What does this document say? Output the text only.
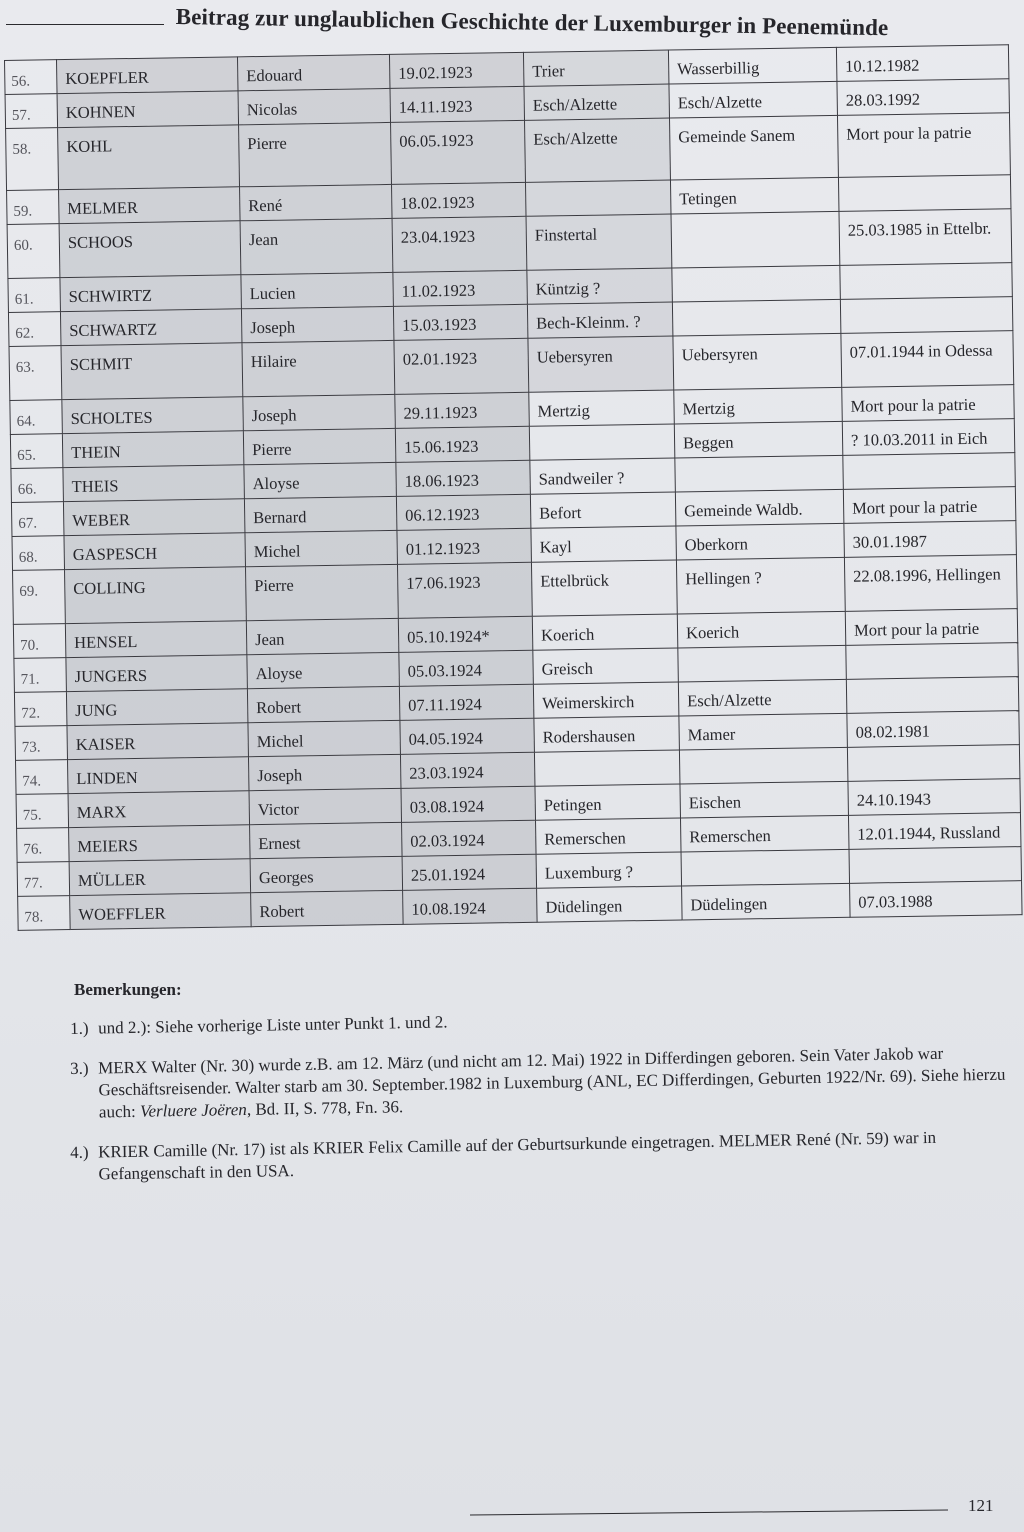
Beitrag zur unglaublichen Geschichte der Luxemburger in Peenemünde
56.	KOEPFLER	Edouard	19.02.1923	Trier	Wasserbillig	10.12.1982
57.	KOHNEN	Nicolas	14.11.1923	Esch/Alzette	Esch/Alzette	28.03.1992
58.	KOHL	Pierre	06.05.1923	Esch/Alzette	Gemeinde Sanem	Mort pour la patrie
59.	MELMER	René	18.02.1923		Tetingen	
60.	SCHOOS	Jean	23.04.1923	Finstertal		25.03.1985 in Ettelbr.
61.	SCHWIRTZ	Lucien	11.02.1923	Küntzig ?		
62.	SCHWARTZ	Joseph	15.03.1923	Bech-Kleinm. ?		
63.	SCHMIT	Hilaire	02.01.1923	Uebersyren	Uebersyren	07.01.1944 in Odessa
64.	SCHOLTES	Joseph	29.11.1923	Mertzig	Mertzig	Mort pour la patrie
65.	THEIN	Pierre	15.06.1923		Beggen	? 10.03.2011 in Eich
66.	THEIS	Aloyse	18.06.1923	Sandweiler ?		
67.	WEBER	Bernard	06.12.1923	Befort	Gemeinde Waldb.	Mort pour la patrie
68.	GASPESCH	Michel	01.12.1923	Kayl	Oberkorn	30.01.1987
69.	COLLING	Pierre	17.06.1923	Ettelbrück	Hellingen ?	22.08.1996, Hellingen
70.	HENSEL	Jean	05.10.1924*	Koerich	Koerich	Mort pour la patrie
71.	JUNGERS	Aloyse	05.03.1924	Greisch		
72.	JUNG	Robert	07.11.1924	Weimerskirch	Esch/Alzette	
73.	KAISER	Michel	04.05.1924	Rodershausen	Mamer	08.02.1981
74.	LINDEN	Joseph	23.03.1924			
75.	MARX	Victor	03.08.1924	Petingen	Eischen	24.10.1943
76.	MEIERS	Ernest	02.03.1924	Remerschen	Remerschen	12.01.1944, Russland
77.	MÜLLER	Georges	25.01.1924	Luxemburg ?		
78.	WOEFFLER	Robert	10.08.1924	Düdelingen	Düdelingen	07.03.1988
Bemerkungen:
1.) und 2.): Siehe vorherige Liste unter Punkt 1. und 2.
3.) MERX Walter (Nr. 30) wurde z.B. am 12. März (und nicht am 12. Mai) 1922 in Differdingen geboren. Sein Vater Jakob war Geschäftsreisender. Walter starb am 30. September.1982 in Luxemburg (ANL, EC Differdingen, Geburten 1922/Nr. 69). Siehe hierzu auch: Verluere Joëren, Bd. II, S. 778, Fn. 36.
4.) KRIER Camille (Nr. 17) ist als KRIER Felix Camille auf der Geburtsurkunde eingetragen. MELMER René (Nr. 59) war in Gefangenschaft in den USA.
121
